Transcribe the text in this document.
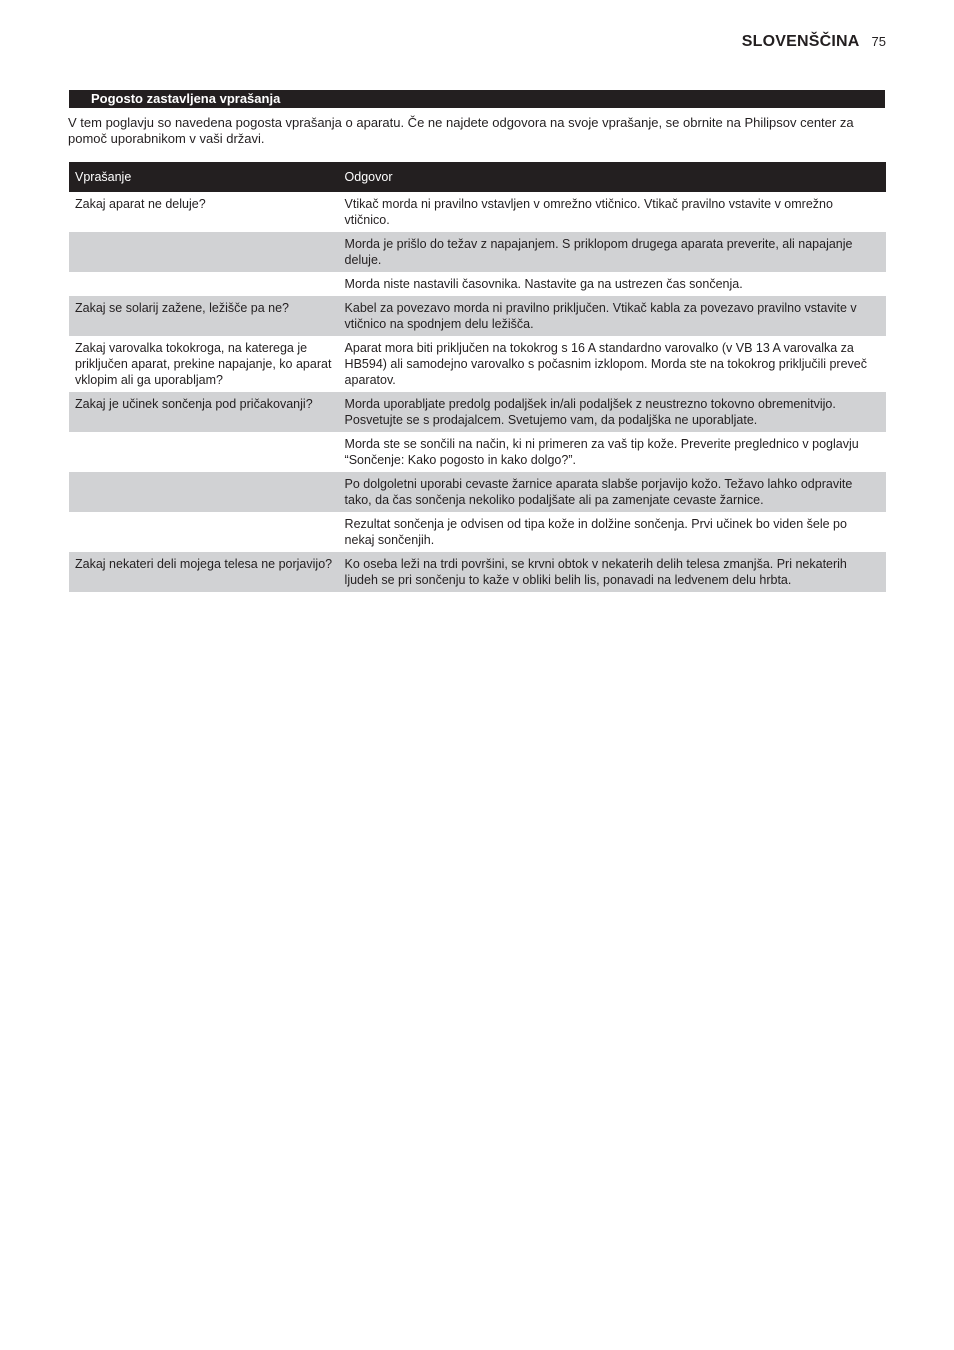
SLOVENŠČINA 75
Pogosto zastavljena vprašanja

V tem poglavju so navedena pogosta vprašanja o aparatu. Če ne najdete odgovora na svoje vprašanje, se obrnite na Philipsov center za pomoč uporabnikom v vaši državi.

Vprašanje	Odgovor
Zakaj aparat ne deluje?	Vtikač morda ni pravilno vstavljen v omrežno vtičnico. Vtikač pravilno vstavite v omrežno vtičnico.
	Morda je prišlo do težav z napajanjem. S priklopom drugega aparata preverite, ali napajanje deluje.
	Morda niste nastavili časovnika. Nastavite ga na ustrezen čas sončenja.
Zakaj se solarij zažene, ležišče pa ne?	Kabel za povezavo morda ni pravilno priključen. Vtikač kabla za povezavo pravilno vstavite v vtičnico na spodnjem delu ležišča.
Zakaj varovalka tokokroga, na katerega je priključen aparat, prekine napajanje, ko aparat vklopim ali ga uporabljam?	Aparat mora biti priključen na tokokrog s 16 A standardno varovalko (v VB 13 A varovalka za HB594) ali samodejno varovalko s počasnim izklopom. Morda ste na tokokrog priključili preveč aparatov.
Zakaj je učinek sončenja pod pričakovanji?	Morda uporabljate predolg podaljšek in/ali podaljšek z neustrezno tokovno obremenitvijo. Posvetujte se s prodajalcem. Svetujemo vam, da podaljška ne uporabljate.
	Morda ste se sončili na način, ki ni primeren za vaš tip kože. Preverite preglednico v poglavju “Sončenje: Kako pogosto in kako dolgo?”.
	Po dolgoletni uporabi cevaste žarnice aparata slabše porjavijo kožo. Težavo lahko odpravite tako, da čas sončenja nekoliko podaljšate ali pa zamenjate cevaste žarnice.
	Rezultat sončenja je odvisen od tipa kože in dolžine sončenja. Prvi učinek bo viden šele po nekaj sončenjih.
Zakaj nekateri deli mojega telesa ne porjavijo?	Ko oseba leži na trdi površini, se krvni obtok v nekaterih delih telesa zmanjša. Pri nekaterih ljudeh se pri sončenju to kaže v obliki belih lis, ponavadi na ledvenem delu hrbta.
